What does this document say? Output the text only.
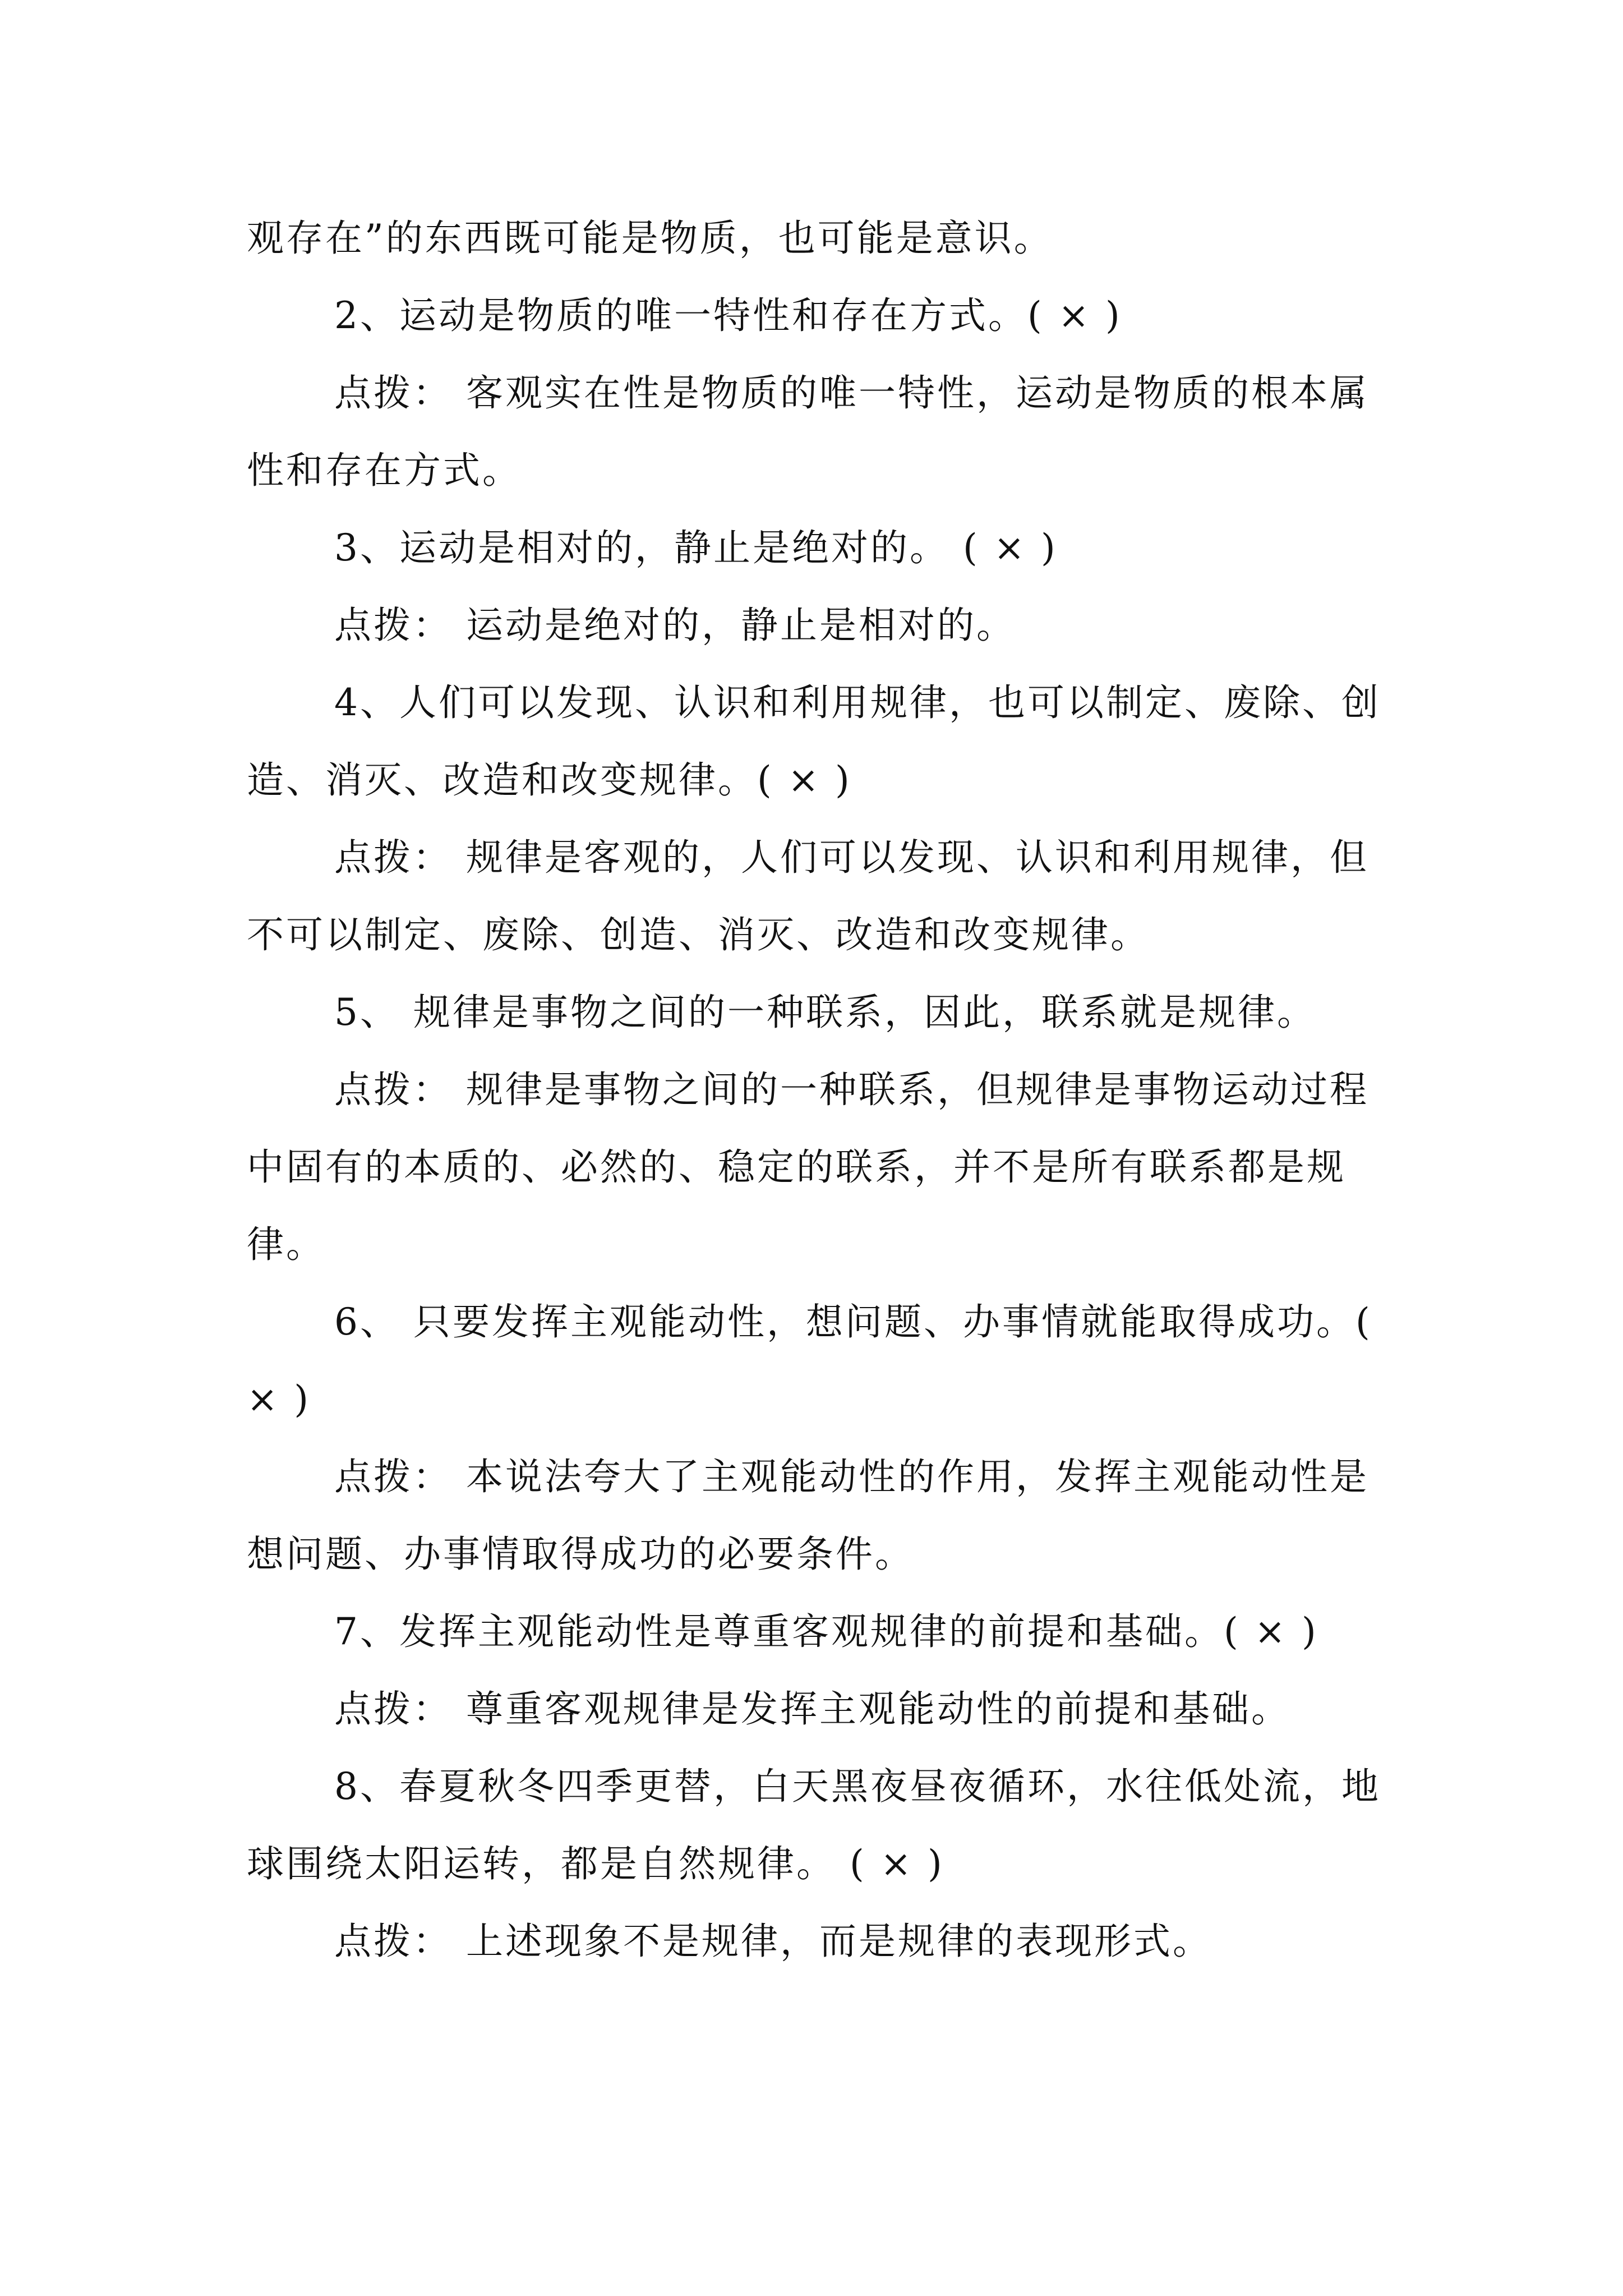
观存在”的东西既可能是物质，也可能是意识。

2、运动是物质的唯一特性和存在方式。( × )

点拨： 客观实在性是物质的唯一特性，运动是物质的根本属性和存在方式。

3、运动是相对的，静止是绝对的。 ( × )

点拨： 运动是绝对的，静止是相对的。

4、人们可以发现、认识和利用规律，也可以制定、废除、创造、消灭、改造和改变规律。( × )

点拨： 规律是客观的，人们可以发现、认识和利用规律，但不可以制定、废除、创造、消灭、改造和改变规律。

5、 规律是事物之间的一种联系，因此，联系就是规律。

点拨： 规律是事物之间的一种联系，但规律是事物运动过程中固有的本质的、必然的、稳定的联系，并不是所有联系都是规律。

6、 只要发挥主观能动性，想问题、办事情就能取得成功。( × )

点拨： 本说法夸大了主观能动性的作用，发挥主观能动性是想问题、办事情取得成功的必要条件。

7、发挥主观能动性是尊重客观规律的前提和基础。( × )

点拨： 尊重客观规律是发挥主观能动性的前提和基础。

8、春夏秋冬四季更替，白天黑夜昼夜循环，水往低处流，地球围绕太阳运转，都是自然规律。 ( × )

点拨： 上述现象不是规律，而是规律的表现形式。
